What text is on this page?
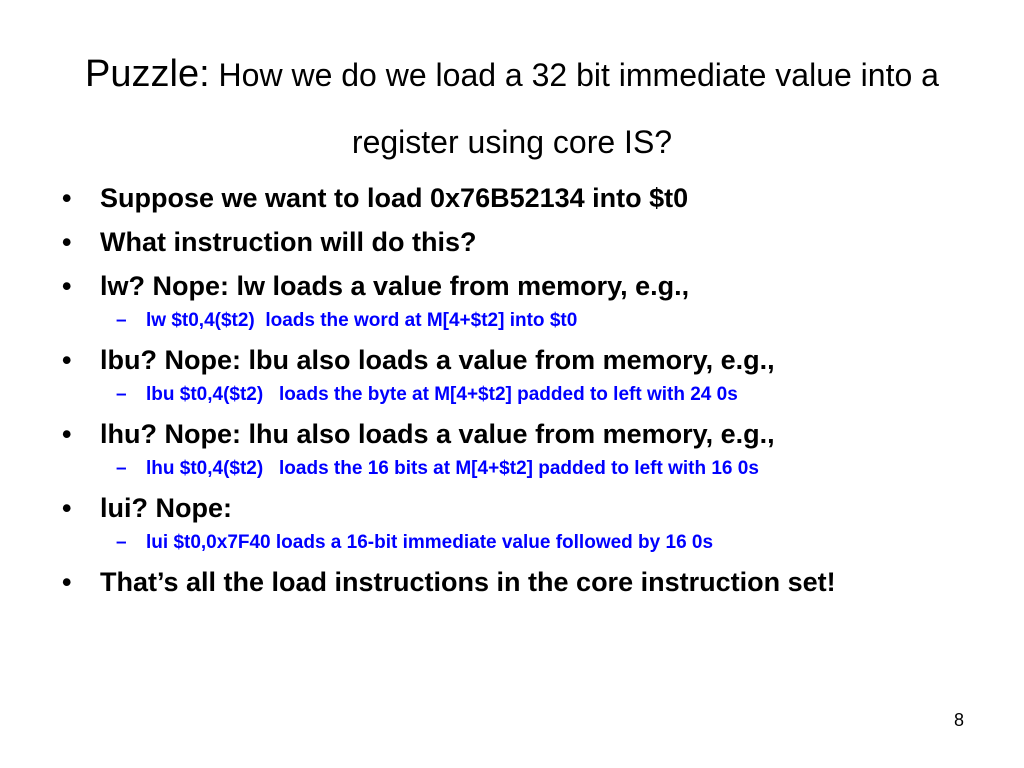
Puzzle: How we do we load a 32 bit immediate value into a register using core IS?
• Suppose we want to load 0x76B52134 into $t0
• What instruction will do this?
• lw? Nope: lw loads a value from memory, e.g.,
– lw $t0,4($t2)  loads the word at M[4+$t2] into $t0
• lbu? Nope: lbu also loads a value from memory, e.g.,
– lbu $t0,4($t2)   loads the byte at M[4+$t2] padded to left with 24 0s
• lhu? Nope: lhu also loads a value from memory, e.g.,
– lhu $t0,4($t2)   loads the 16 bits at M[4+$t2] padded to left with 16 0s
• lui? Nope:
– lui $t0,0x7F40 loads a 16-bit immediate value followed by 16 0s
• That’s all the load instructions in the core instruction set!
8
